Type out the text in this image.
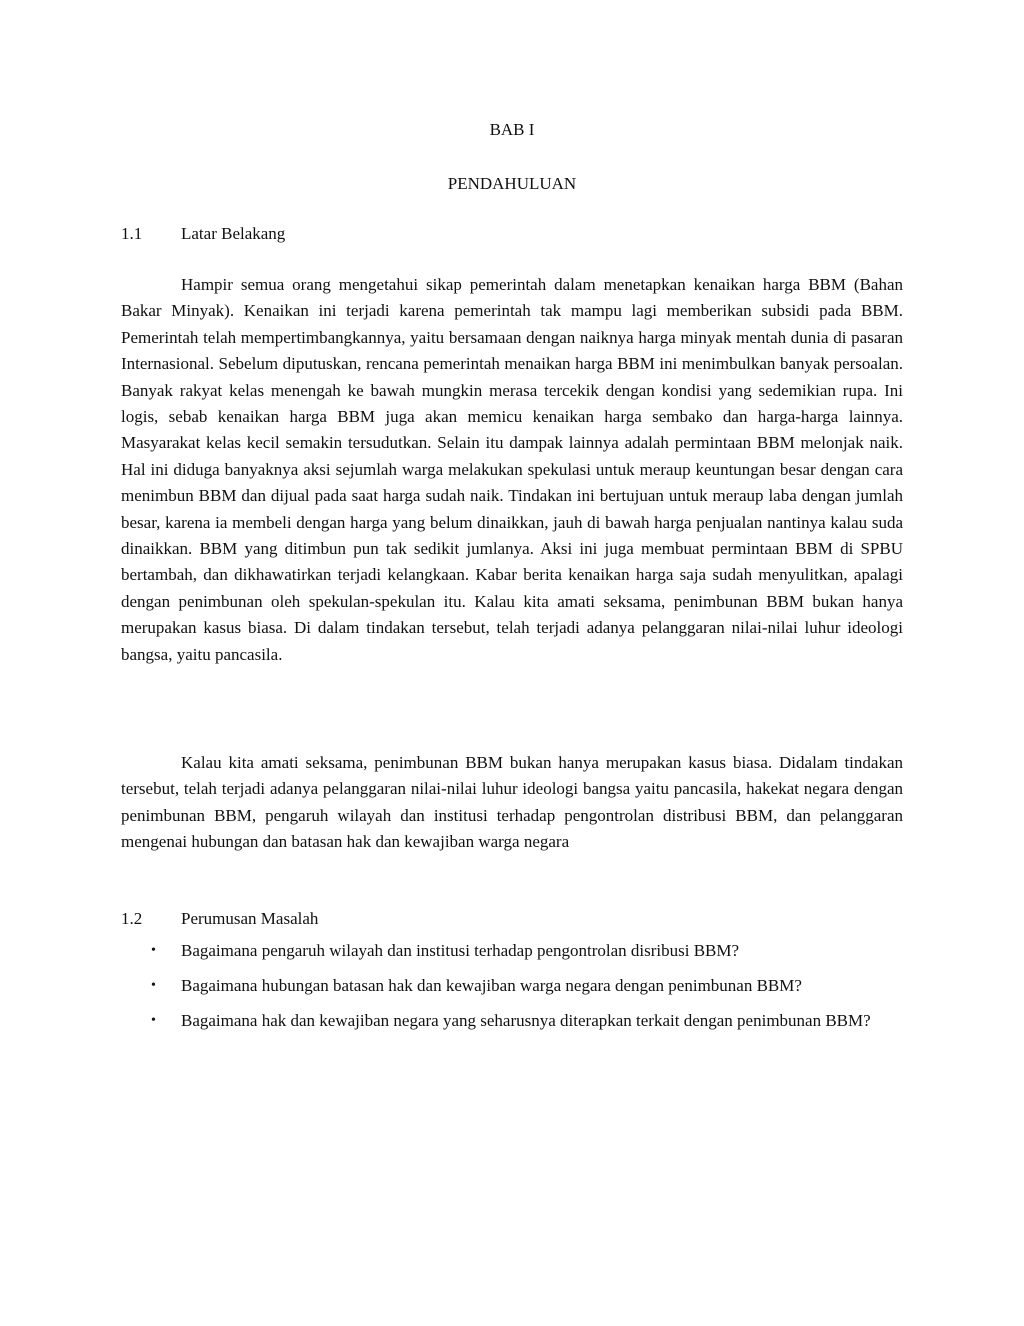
BAB I
PENDAHULUAN
1.1 Latar Belakang

Hampir semua orang mengetahui sikap pemerintah dalam menetapkan kenaikan harga BBM (Bahan Bakar Minyak). Kenaikan ini terjadi karena pemerintah tak mampu lagi memberikan subsidi pada BBM. Pemerintah telah mempertimbangkannya, yaitu bersamaan dengan naiknya harga minyak mentah dunia di pasaran Internasional. Sebelum diputuskan, rencana pemerintah menaikan harga BBM ini menimbulkan banyak persoalan. Banyak rakyat kelas menengah ke bawah mungkin merasa tercekik dengan kondisi yang sedemikian rupa. Ini logis, sebab kenaikan harga BBM juga akan memicu kenaikan harga sembako dan harga-harga lainnya. Masyarakat kelas kecil semakin tersudutkan. Selain itu dampak lainnya adalah permintaan BBM melonjak naik. Hal ini diduga banyaknya aksi sejumlah warga melakukan spekulasi untuk meraup keuntungan besar dengan cara menimbun BBM dan dijual pada saat harga sudah naik. Tindakan ini bertujuan untuk meraup laba dengan jumlah besar, karena ia membeli dengan harga yang belum dinaikkan, jauh di bawah harga penjualan nantinya kalau suda dinaikkan. BBM yang ditimbun pun tak sedikit jumlanya. Aksi ini juga membuat permintaan BBM di SPBU bertambah, dan dikhawatirkan terjadi kelangkaan. Kabar berita kenaikan harga saja sudah menyulitkan, apalagi dengan penimbunan oleh spekulan-spekulan itu. Kalau kita amati seksama, penimbunan BBM bukan hanya merupakan kasus biasa. Di dalam tindakan tersebut, telah terjadi adanya pelanggaran nilai-nilai luhur ideologi bangsa, yaitu pancasila.

Kalau kita amati seksama, penimbunan BBM bukan hanya merupakan kasus biasa. Didalam tindakan tersebut, telah terjadi adanya pelanggaran nilai-nilai luhur ideologi bangsa yaitu pancasila, hakekat negara dengan penimbunan BBM, pengaruh wilayah dan institusi terhadap pengontrolan distribusi BBM, dan pelanggaran mengenai hubungan dan batasan hak dan kewajiban warga negara

1.2 Perumusan Masalah
• Bagaimana pengaruh wilayah dan institusi terhadap pengontrolan disribusi BBM?
• Bagaimana hubungan batasan hak dan kewajiban warga negara dengan penimbunan BBM?
• Bagaimana hak dan kewajiban negara yang seharusnya diterapkan terkait dengan penimbunan BBM?
